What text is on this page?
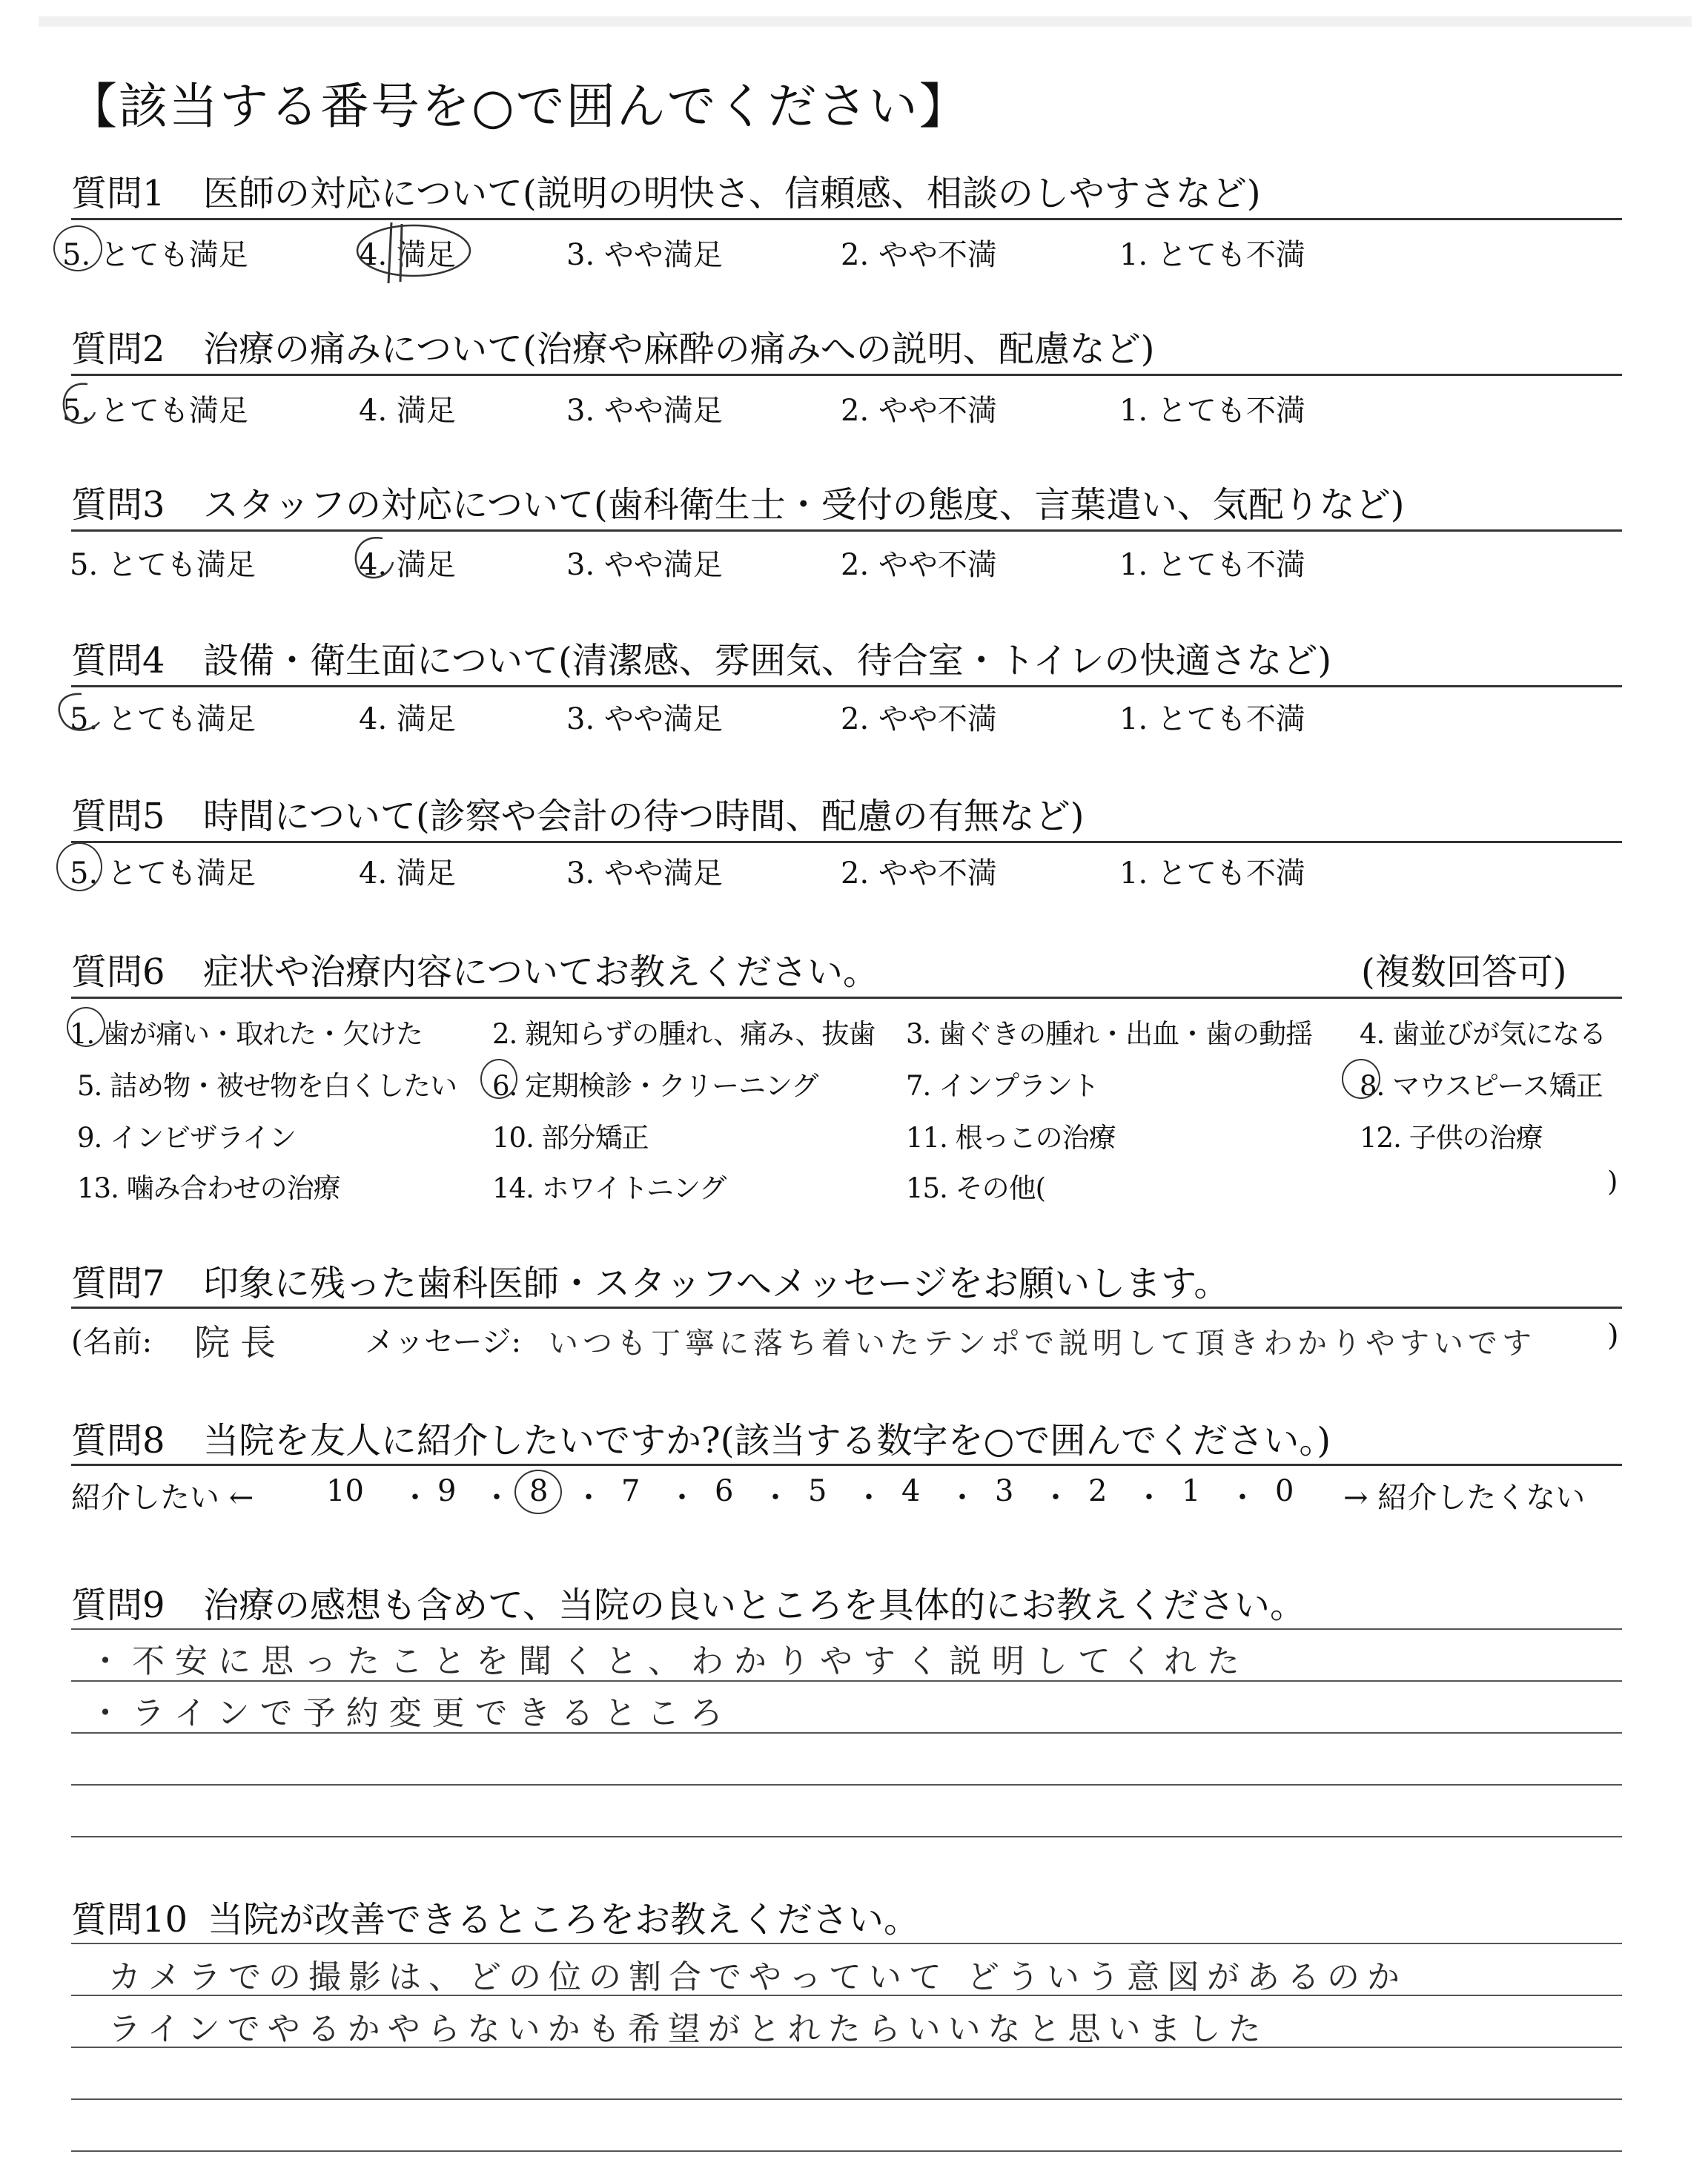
【該当する番号を○で囲んでください】
質問1 医師の対応について(説明の明快さ、信頼感、相談のしやすさなど)
5. とても満足	4. 満足	3. やや満足	2. やや不満	1. とても不満
質問2 治療の痛みについて(治療や麻酔の痛みへの説明、配慮など)
5. とても満足	4. 満足	3. やや満足	2. やや不満	1. とても不満
質問3 スタッフの対応について(歯科衛生士・受付の態度、言葉遣い、気配りなど)
5. とても満足	4. 満足	3. やや満足	2. やや不満	1. とても不満
質問4 設備・衛生面について(清潔感、雰囲気、待合室・トイレの快適さなど)
5. とても満足	4. 満足	3. やや満足	2. やや不満	1. とても不満
質問5 時間について(診察や会計の待つ時間、配慮の有無など)
5. とても満足	4. 満足	3. やや満足	2. やや不満	1. とても不満
質問6 症状や治療内容についてお教えください。	(複数回答可)
1. 歯が痛い・取れた・欠けた	2. 親知らずの腫れ、痛み、抜歯 3. 歯ぐきの腫れ・出血・歯の動揺 4. 歯並びが気になる
5. 詰め物・被せ物を白くしたい 6. 定期検診・クリーニング	7. インプラント	8. マウスピース矯正
9. インビザライン	10. 部分矯正	11. 根っこの治療	12. 子供の治療
13. 噛み合わせの治療	14. ホワイトニング	15. その他(	)
質問7 印象に残った歯科医師・スタッフへメッセージをお願いします。
(名前: 院長	メッセージ: いつも丁寧に落ち着いたテンポで説明して頂きわかりやすいです )
質問8 当院を友人に紹介したいですか?(該当する数字を○で囲んでください。)
紹介したい ←	→ 紹介したくない
10 ・ 9 ・ 8 ・ 7 ・ 6 ・ 5 ・ 4 ・ 3 ・ 2 ・ 1 ・ 0
質問9 治療の感想も含めて、当院の良いところを具体的にお教えください。
・不安に思ったことを聞くと、わかりやすく説明してくれた
・ラインで予約変更できるところ
質問10 当院が改善できるところをお教えください。
カメラでの撮影は、どの位の割合でやっていて どういう意図があるのか
ラインでやるかやらないかも希望がとれたらいいなと思いました
